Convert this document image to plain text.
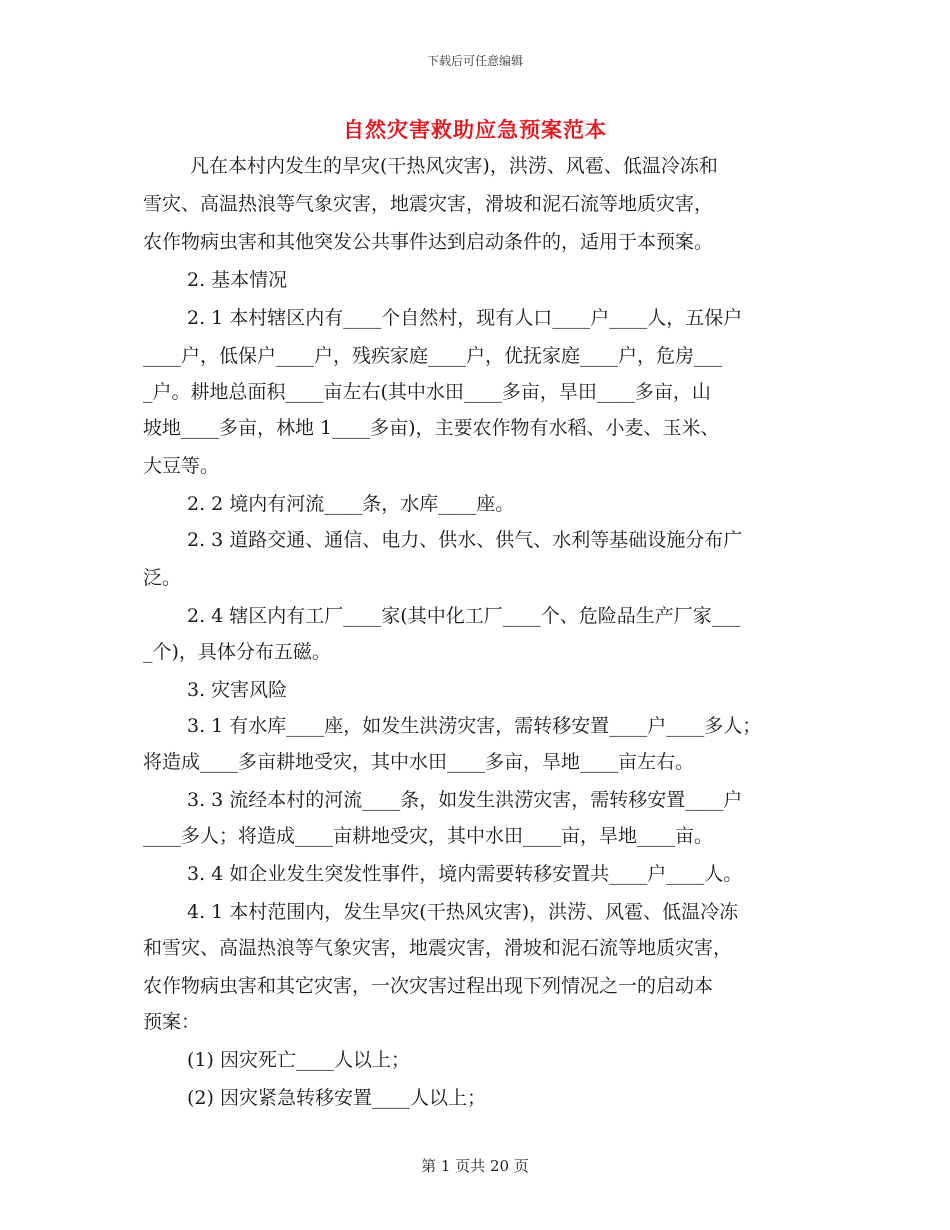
下载后可任意编辑
自然灾害救助应急预案范本
凡在本村内发生的旱灾(干热风灾害)，洪涝、风雹、低温冷冻和
雪灾、高温热浪等气象灾害，地震灾害，滑坡和泥石流等地质灾害，
农作物病虫害和其他突发公共事件达到启动条件的，适用于本预案。
2. 基本情况
2. 1 本村辖区内有____个自然村，现有人口____户____人，五保户
____户，低保户____户，残疾家庭____户，优抚家庭____户，危房___
_户。耕地总面积____亩左右(其中水田____多亩，旱田____多亩，山
坡地____多亩，林地 1____多亩)，主要农作物有水稻、小麦、玉米、
大豆等。
2. 2 境内有河流____条，水库____座。
2. 3 道路交通、通信、电力、供水、供气、水利等基础设施分布广
泛。
2. 4 辖区内有工厂____家(其中化工厂____个、危险品生产厂家___
_个)，具体分布五磁。
3. 灾害风险
3. 1 有水库____座，如发生洪涝灾害，需转移安置____户____多人；
将造成____多亩耕地受灾，其中水田____多亩，旱地____亩左右。
3. 3 流经本村的河流____条，如发生洪涝灾害，需转移安置____户
____多人；将造成____亩耕地受灾，其中水田____亩，旱地____亩。
3. 4 如企业发生突发性事件，境内需要转移安置共____户____人。
4. 1 本村范围内，发生旱灾(干热风灾害)，洪涝、风雹、低温冷冻
和雪灾、高温热浪等气象灾害，地震灾害，滑坡和泥石流等地质灾害，
农作物病虫害和其它灾害，一次灾害过程出现下列情况之一的启动本
预案：
(1) 因灾死亡____人以上；
(2) 因灾紧急转移安置____人以上；
第 1 页共 20 页
